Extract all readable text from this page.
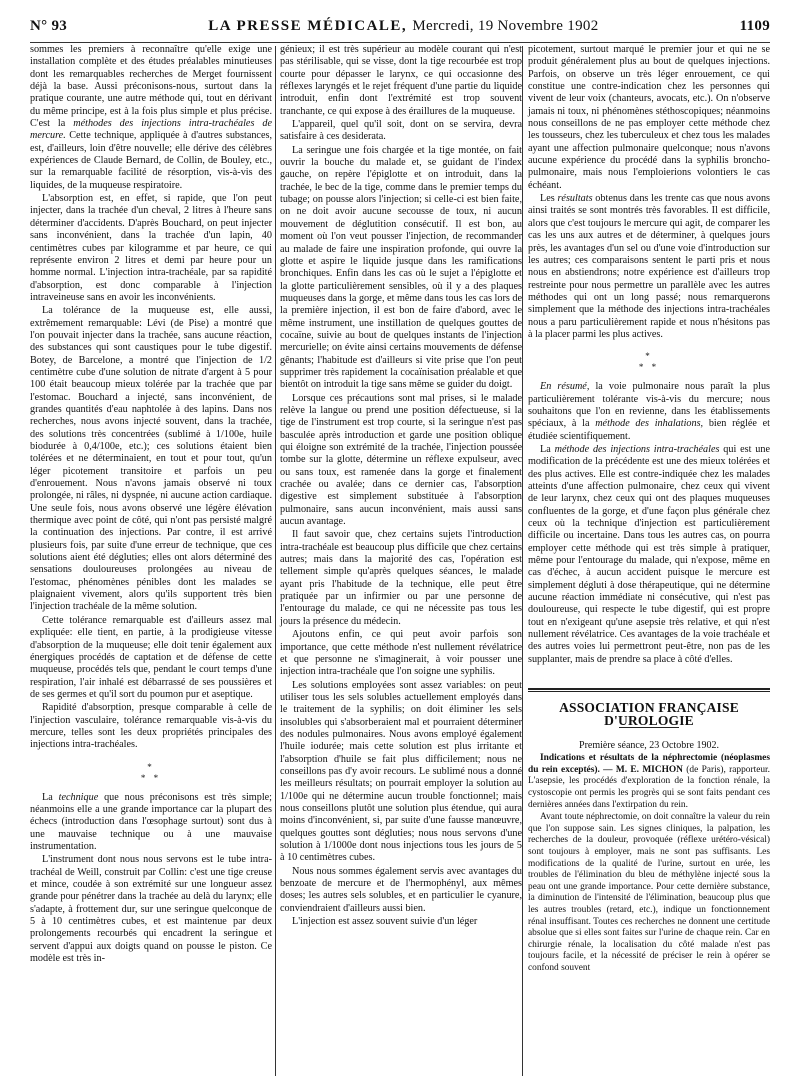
N° 93	LA PRESSE MÉDICALE, Mercredi, 19 Novembre 1902	1109

sommes les premiers à reconnaître qu'elle exige une installation complète et des études préalables minutieuses dont les remarquables recherches de Merget fournissent déjà la base. Aussi préconisons-nous, surtout dans la pratique courante, une autre méthode qui, tout en dérivant du même principe, est à la fois plus simple et plus précise. C'est la méthodes des injections intra-trachéales de mercure. Cette technique, appliquée à d'autres substances, est, d'ailleurs, loin d'être nouvelle; elle dérive des célèbres expériences de Claude Bernard, de Collin, de Bouley, etc., sur la remarquable facilité de résorption, vis-à-vis des liquides, de la muqueuse respiratoire.

L'absorption est, en effet, si rapide, que l'on peut injecter, dans la trachée d'un cheval, 2 litres à l'heure sans déterminer d'accidents. D'après Bouchard, on peut injecter sans inconvénient, dans la trachée d'un lapin, 40 centimètres cubes par kilogramme et par heure, ce qui représente environ 2 litres et demi par heure pour un homme normal. L'injection intra-trachéale, par sa rapidité d'absorption, est donc comparable à l'injection intraveineuse sans en avoir les inconvénients.

La tolérance de la muqueuse est, elle aussi, extrêmement remarquable: Lévi (de Pise) a montré que l'on pouvait injecter dans la trachée, sans aucune réaction, des substances qui sont caustiques pour le tube digestif. Botey, de Barcelone, a montré que l'injection de 1/2 centimètre cube d'une solution de nitrate d'argent à 5 pour 100 était beaucoup mieux tolérée par la trachée que par l'estomac. Bouchard a injecté, sans inconvénient, de grandes quantités d'eau naphtolée à des lapins. Dans nos recherches, nous avons injecté souvent, dans la trachée, des solutions très concentrées (sublimé à 1/100e, huile biodurée à 0,4/100e, etc.); ces solutions étaient bien tolérées et ne déterminaient, en tout et pour tout, qu'un léger picotement transitoire et parfois un peu d'enrouement. Nous n'avons jamais observé ni toux prolongée, ni râles, ni dyspnée, ni aucune action cardiaque. Une seule fois, nous avons observé une légère élévation thermique avec point de côté, qui n'ont pas persisté malgré la continuation des injections. Par contre, il est arrivé plusieurs fois, par suite d'une erreur de technique, que ces solutions aient été dégluties; elles ont alors déterminé des sensations douloureuses prolongées au niveau de l'estomac, phénomènes pénibles dont les malades se plaignaient vivement, alors qu'ils supportent très bien l'injection trachéale de la même solution.

Cette tolérance remarquable est d'ailleurs assez mal expliquée: elle tient, en partie, à la prodigieuse vitesse d'absorption de la muqueuse; elle doit tenir également aux énergiques procédés de captation et de défense de cette muqueuse, procédés tels que, pendant le court temps d'une respiration, l'air inhalé est débarrassé de ses poussières et de ses germes et qu'il sort du poumon pur et aseptique.

Rapidité d'absorption, presque comparable à celle de l'injection vasculaire, tolérance remarquable vis-à-vis du mercure, telles sont les deux propriétés principales des injections intra-trachéales.

*
* *

La technique que nous préconisons est très simple; néanmoins elle a une grande importance car la plupart des échecs (introduction dans l'œsophage surtout) sont dus à une mauvaise technique ou à une mauvaise instrumentation.

L'instrument dont nous nous servons est le tube intra-trachéal de Weill, construit par Collin: c'est une tige creuse et mince, coudée à son extrémité sur une longueur assez grande pour pénétrer dans la trachée au delà du larynx; elle s'adapte, à frottement dur, sur une seringue quelconque de 5 à 10 centimètres cubes, et est maintenue par deux prolongements recourbés qui encadrent la seringue et servent d'appui aux doigts quand on pousse le piston. Ce modèle est très in-

génieux; il est très supérieur au modèle courant qui n'est pas stérilisable, qui se visse, dont la tige recourbée est trop courte pour dépasser le larynx, ce qui occasionne des réflexes laryngés et le rejet fréquent d'une partie du liquide introduit, enfin dont l'extrémité est trop souvent tranchante, ce qui expose à des éraillures de la muqueuse.

L'appareil, quel qu'il soit, dont on se servira, devra satisfaire à ces desiderata.

La seringue une fois chargée et la tige montée, on fait ouvrir la bouche du malade et, se guidant de l'index gauche, on repère l'épiglotte et on introduit, dans la trachée, le bec de la tige, comme dans le premier temps du tubage; on pousse alors l'injection; si celle-ci est bien faite, on ne doit avoir aucune secousse de toux, ni aucun mouvement de déglutition consécutif. Il est bon, au moment où l'on veut pousser l'injection, de recommander au malade de faire une inspiration profonde, qui ouvre la glotte et aspire le liquide jusque dans les ramifications bronchiques. Enfin dans les cas où le sujet a l'épiglotte et la glotte particulièrement sensibles, où il y a des plaques muqueuses dans la gorge, et même dans tous les cas lors de la première injection, il est bon de faire d'abord, avec le même instrument, une instillation de quelques gouttes de cocaïne, suivie au bout de quelques instants de l'injection mercurielle; on évite ainsi certains mouvements de défense gênants; l'habitude est d'ailleurs si vite prise que l'on peut supprimer très rapidement la cocaïnisation préalable et que bientôt on introduit la tige sans même se guider du doigt.

Lorsque ces précautions sont mal prises, si le malade relève la langue ou prend une position défectueuse, si la tige de l'instrument est trop courte, si la seringue n'est pas basculée après introduction et garde une position oblique qui éloigne son extrémité de la trachée, l'injection poussée tombe sur la glotte, détermine un réflexe expulseur, avec ou sans toux, est ramenée dans la gorge et finalement crachée ou avalée; dans ce dernier cas, l'absorption digestive est simplement substituée à l'absorption pulmonaire, sans aucun inconvénient, mais aussi sans aucun avantage.

Il faut savoir que, chez certains sujets l'introduction intra-trachéale est beaucoup plus difficile que chez certains autres; mais dans la majorité des cas, l'opération est tellement simple qu'après quelques séances, le malade ayant pris l'habitude de la technique, elle peut être pratiquée par un infirmier ou par une personne de l'entourage du malade, ce qui ne nécessite pas tous les jours la présence du médecin.

Ajoutons enfin, ce qui peut avoir parfois son importance, que cette méthode n'est nullement révélatrice et que personne ne s'imaginerait, à voir pousser une injection intra-trachéale que l'on soigne une syphilis.

Les solutions employées sont assez variables: on peut utiliser tous les sels solubles actuellement employés dans le traitement de la syphilis; on doit éliminer les sels insolubles qui s'absorberaient mal et pourraient déterminer des nodules pulmonaires. Nous avons employé également l'huile iodurée; mais cette solution est plus irritante et l'absorption d'huile se fait plus difficilement; nous ne conseillons pas d'y avoir recours. Le sublimé nous a donné les meilleurs résultats; on pourrait employer la solution au 1/100e qui ne détermine aucun trouble fonctionnel; mais nous conseillons plutôt une solution plus étendue, qui aura moins d'inconvénient, si, par suite d'une fausse manœuvre, quelques gouttes sont dégluties; nous nous servons d'une solution à 1/1000e dont nous injections tous les jours de 5 à 10 centimètres cubes.

Nous nous sommes également servis avec avantages du benzoate de mercure et de l'hermophényl, aux mêmes doses; les autres sels solubles, et en particulier le cyanure, conviendraient d'ailleurs aussi bien.

L'injection est assez souvent suivie d'un léger

picotement, surtout marqué le premier jour et qui ne se produit généralement plus au bout de quelques injections. Parfois, on observe un très léger enrouement, ce qui constitue une contre-indication chez les personnes qui vivent de leur voix (chanteurs, avocats, etc.). On n'observe jamais ni toux, ni phénomènes stéthoscopiques; néanmoins nous conseillons de ne pas employer cette méthode chez les tousseurs, chez les tuberculeux et chez tous les malades ayant une affection pulmonaire quelconque; nous n'avons aucune expérience du procédé dans la syphilis broncho-pulmonaire, mais nous l'emploierions volontiers le cas échéant.

Les résultats obtenus dans les trente cas que nous avons ainsi traités se sont montrés très favorables. Il est difficile, alors que c'est toujours le mercure qui agit, de comparer les cas les uns aux autres et de déterminer, à quelques jours près, les avantages d'un sel ou d'une voie d'introduction sur les autres; ces comparaisons sentent le parti pris et nous nous en abstiendrons; notre expérience est d'ailleurs trop restreinte pour nous permettre un parallèle avec les autres méthodes qui ont un long passé; nous remarquerons simplement que la méthode des injections intra-trachéales nous a paru particulièrement rapide et nous n'hésitons pas à la placer parmi les plus actives.

*
* *

En résumé, la voie pulmonaire nous paraît la plus particulièrement tolérante vis-à-vis du mercure; nous souhaitons que l'on en revienne, dans les établissements spéciaux, à la méthode des inhalations, bien réglée et étudiée scientifiquement.

La méthode des injections intra-trachéales qui est une modification de la précédente est une des mieux tolérées et des plus actives. Elle est contre-indiquée chez les malades atteints d'une affection pulmonaire, chez ceux qui vivent de leur larynx, chez ceux qui ont des plaques muqueuses confluentes de la gorge, et d'une façon plus générale chez ceux où la technique d'injection est particulièrement difficile ou incertaine. Dans tous les autres cas, on pourra employer cette méthode qui est très simple à pratiquer, même pour l'entourage du malade, qui n'expose, même en cas d'échec, à aucun accident puisque le mercure est simplement dégluti à dose thérapeutique, qui ne détermine aucune réaction immédiate ni consécutive, qui n'est pas douloureuse, qui respecte le tube digestif, qui est propre tout en n'exigeant qu'une asepsie très relative, et qui n'est nullement révélatrice. Ces avantages de la voie trachéale et des autres voies lui permettront peut-être, non pas de les supplanter, mais de prendre sa place à côté d'elles.

ASSOCIATION FRANÇAISE D'UROLOGIE

Première séance, 23 Octobre 1902.

Indications et résultats de la néphrectomie (néoplasmes du rein exceptés). — M. E. MICHON (de Paris), rapporteur. L'asepsie, les procédés d'exploration de la fonction rénale, la cystoscopie ont permis les progrès qui se sont faits pendant ces dernières années dans l'extirpation du rein.

Avant toute néphrectomie, on doit connaître la valeur du rein que l'on suppose sain. Les signes cliniques, la palpation, les recherches de la douleur, provoquée (réflexe urétéro-vésical) sont toujours à employer, mais ne sont pas suffisants. Les modifications de la qualité de l'urine, surtout en urée, les troubles de l'élimination du bleu de méthylène injecté sous la peau ont une grande importance. Pour cette dernière substance, la diminution de l'intensité de l'élimination, beaucoup plus que les autres troubles (retard, etc.), indique un fonctionnement rénal insuffisant. Toutes ces recherches ne donnent une certitude absolue que si elles sont faites sur l'urine de chaque rein. Car en chirurgie rénale, la localisation du côté malade n'est pas toujours facile, et la nécessité de préciser le rein à opérer se confond souvent
